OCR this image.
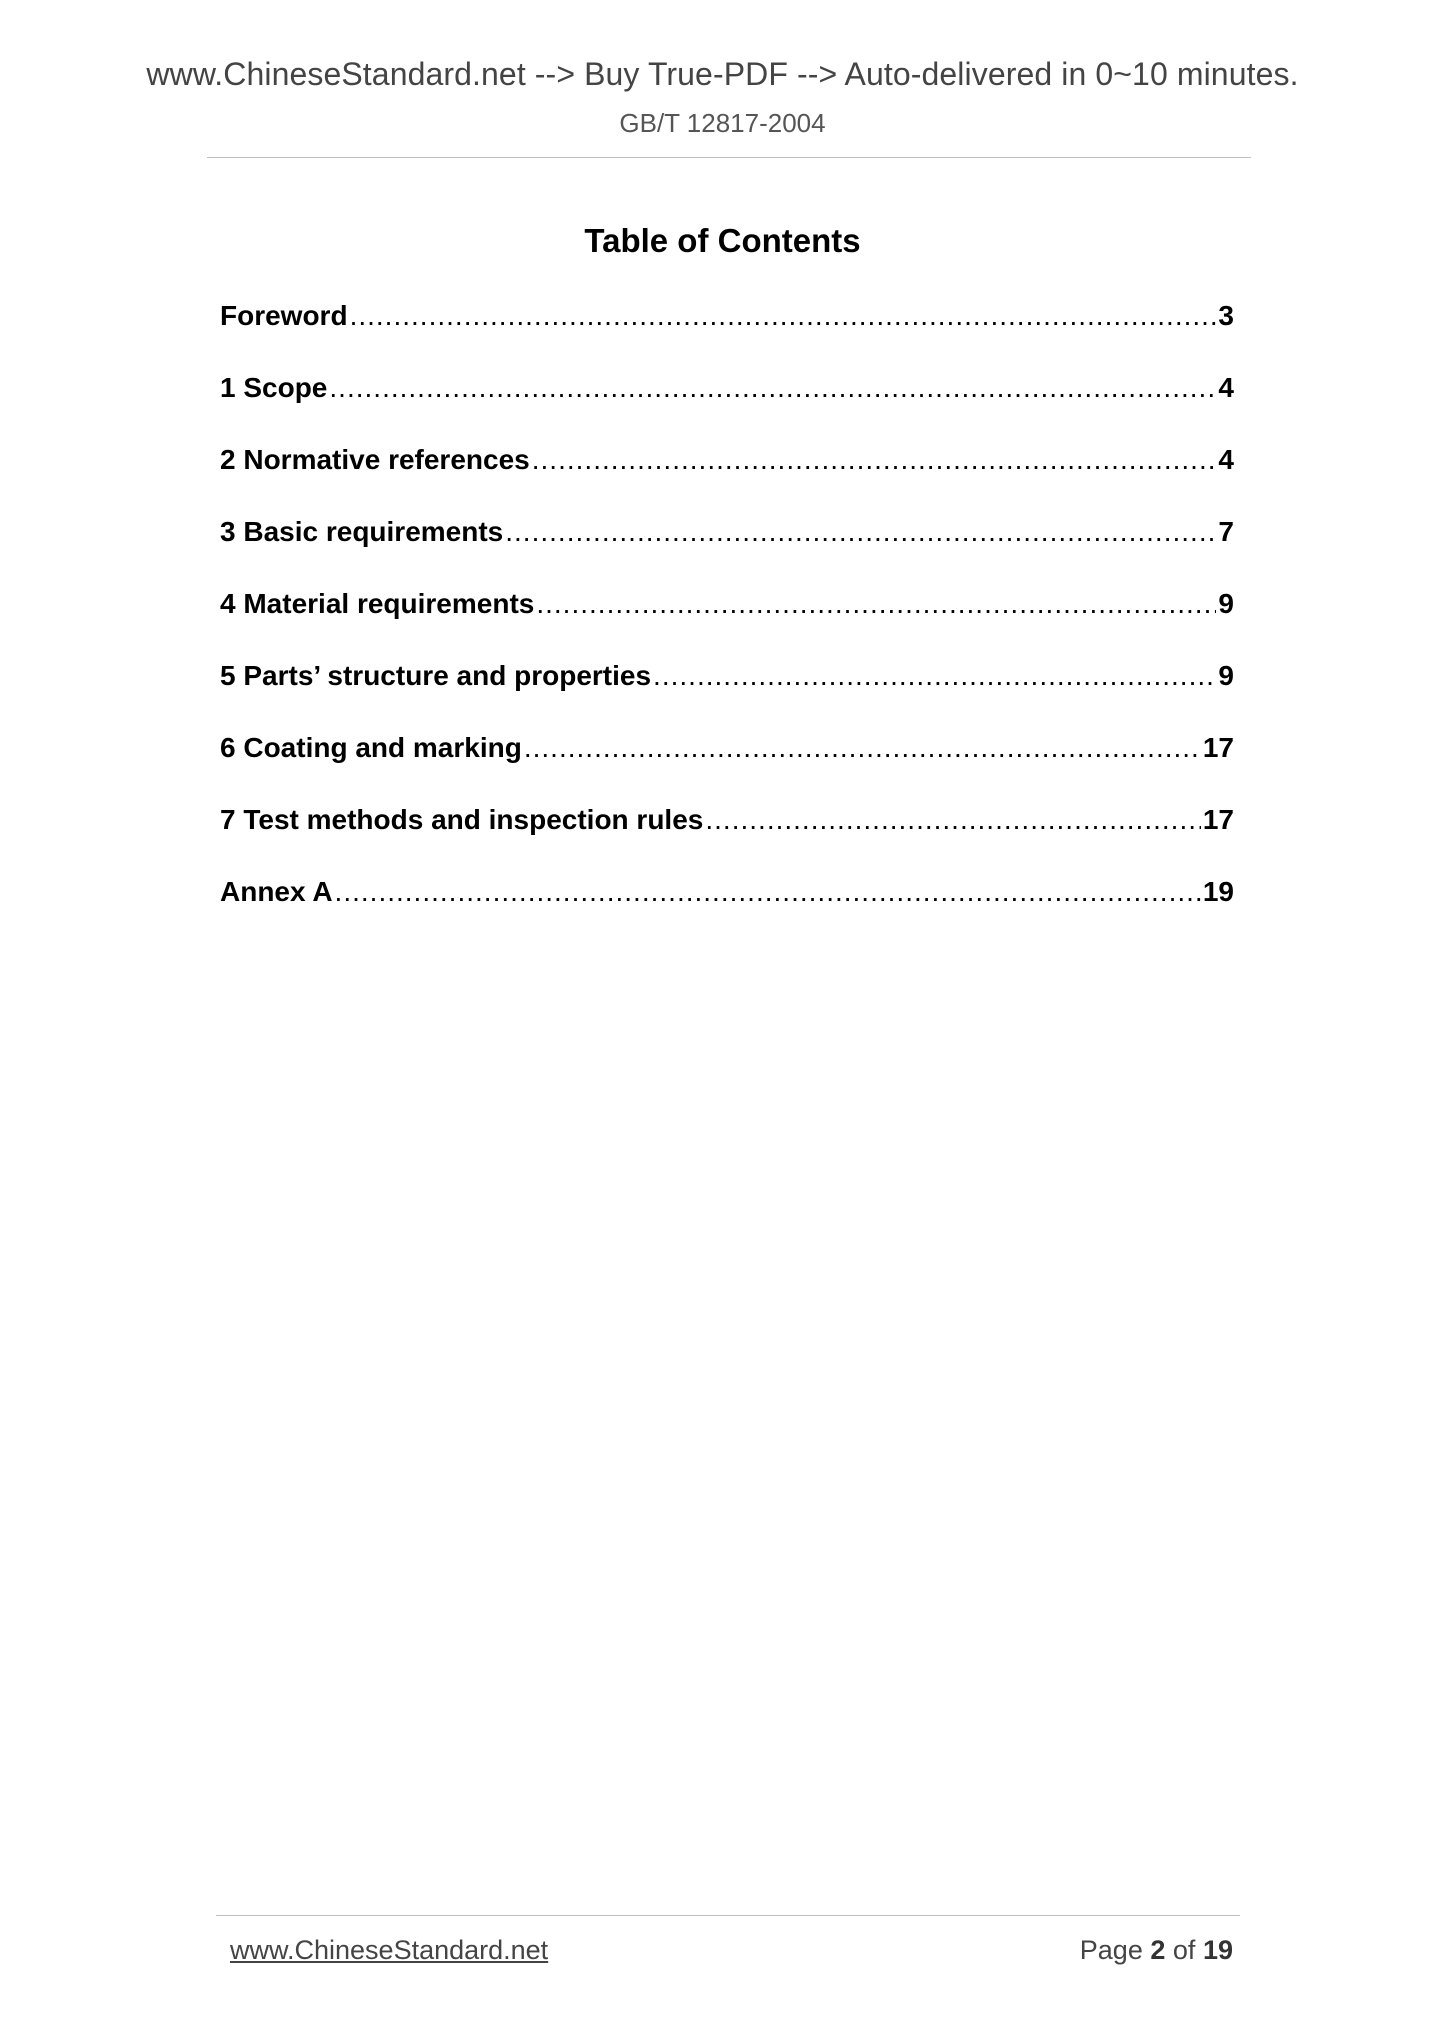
www.ChineseStandard.net --> Buy True-PDF --> Auto-delivered in 0~10 minutes.
GB/T 12817-2004
Table of Contents
Foreword .....	3
1 Scope .....	4
2 Normative references .....	4
3 Basic requirements .....	7
4 Material requirements .....	9
5 Parts’ structure and properties .....	9
6 Coating and marking .....	17
7 Test methods and inspection rules .....	17
Annex A .....	19
www.ChineseStandard.net	Page 2 of 19
